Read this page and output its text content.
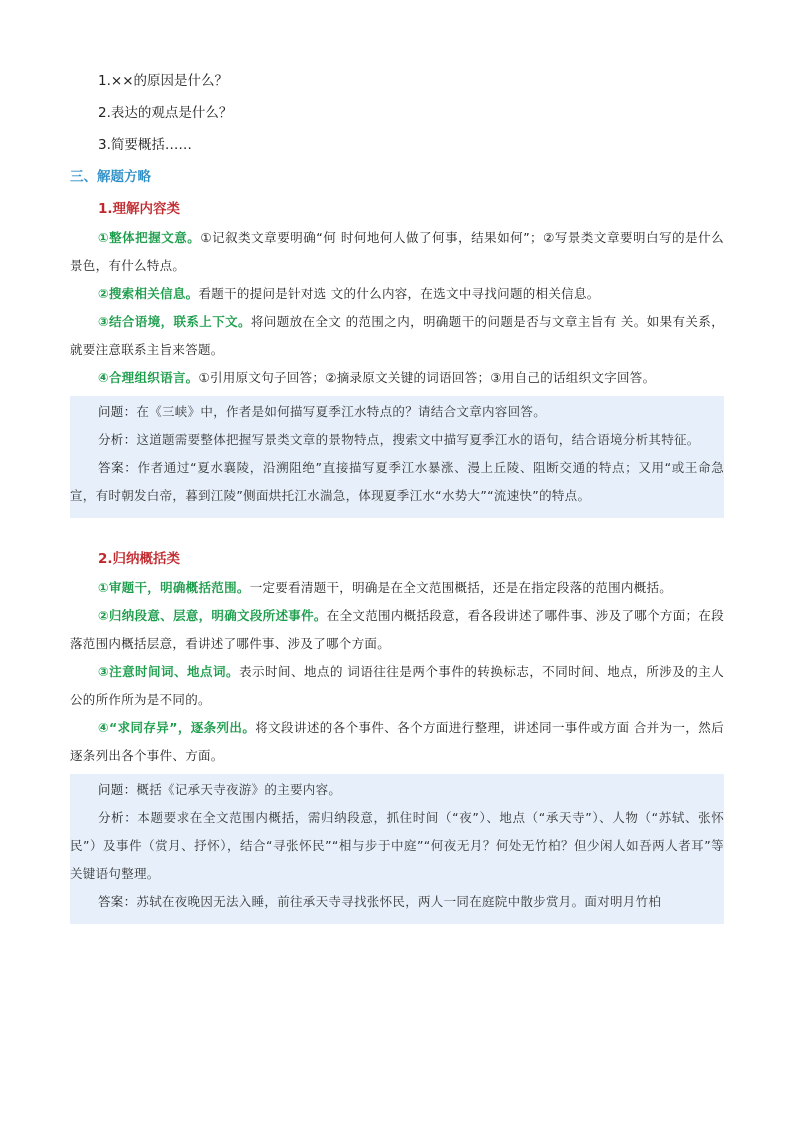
1.××的原因是什么？
2.表达的观点是什么？
3.简要概括……
三、解题方略
1.理解内容类

①整体把握文意。①记叙类文章要明确“何 时何地何人做了何事，结果如何”；②写景类文章要明白写的是什么景色，有什么特点。

②搜索相关信息。看题干的提问是针对选 文的什么内容，在选文中寻找问题的相关信息。

③结合语境，联系上下文。将问题放在全文 的范围之内，明确题干的问题是否与文章主旨有 关。如果有关系，就要注意联系主旨来答题。

④合理组织语言。①引用原文句子回答；②摘录原文关键的词语回答；③用自己的话组织文字回答。

问题：在《三峡》中，作者是如何描写夏季江水特点的？请结合文章内容回答。

分析：这道题需要整体把握写景类文章的景物特点，搜索文中描写夏季江水的语句，结合语境分析其特征。

答案：作者通过“夏水襄陵，沿溯阻绝”直接描写夏季江水暴涨、漫上丘陵、阻断交通的特点；又用“或王命急宣，有时朝发白帝，暮到江陵”侧面烘托江水湍急，体现夏季江水“水势大”“流速快”的特点。

2.归纳概括类

①审题干，明确概括范围。一定要看清题干，明确是在全文范围概括，还是在指定段落的范围内概括。

②归纳段意、层意，明确文段所述事件。在全文范围内概括段意，看各段讲述了哪件事、涉及了哪个方面；在段落范围内概括层意，看讲述了哪件事、涉及了哪个方面。

③注意时间词、地点词。表示时间、地点的 词语往往是两个事件的转换标志，不同时间、地点，所涉及的主人公的所作所为是不同的。

④“求同存异”，逐条列出。将文段讲述的各个事件、各个方面进行整理，讲述同一事件或方面 合并为一，然后逐条列出各个事件、方面。

问题：概括《记承天寺夜游》的主要内容。

分析：本题要求在全文范围内概括，需归纳段意，抓住时间（“夜”）、地点（“承天寺”）、人物（“苏轼、张怀民”）及事件（赏月、抒怀），结合“寻张怀民”“相与步于中庭”“何夜无月？何处无竹柏？但少闲人如吾两人者耳”等关键语句整理。

答案：苏轼在夜晚因无法入睡，前往承天寺寻找张怀民，两人一同在庭院中散步赏月。面对明月竹柏
